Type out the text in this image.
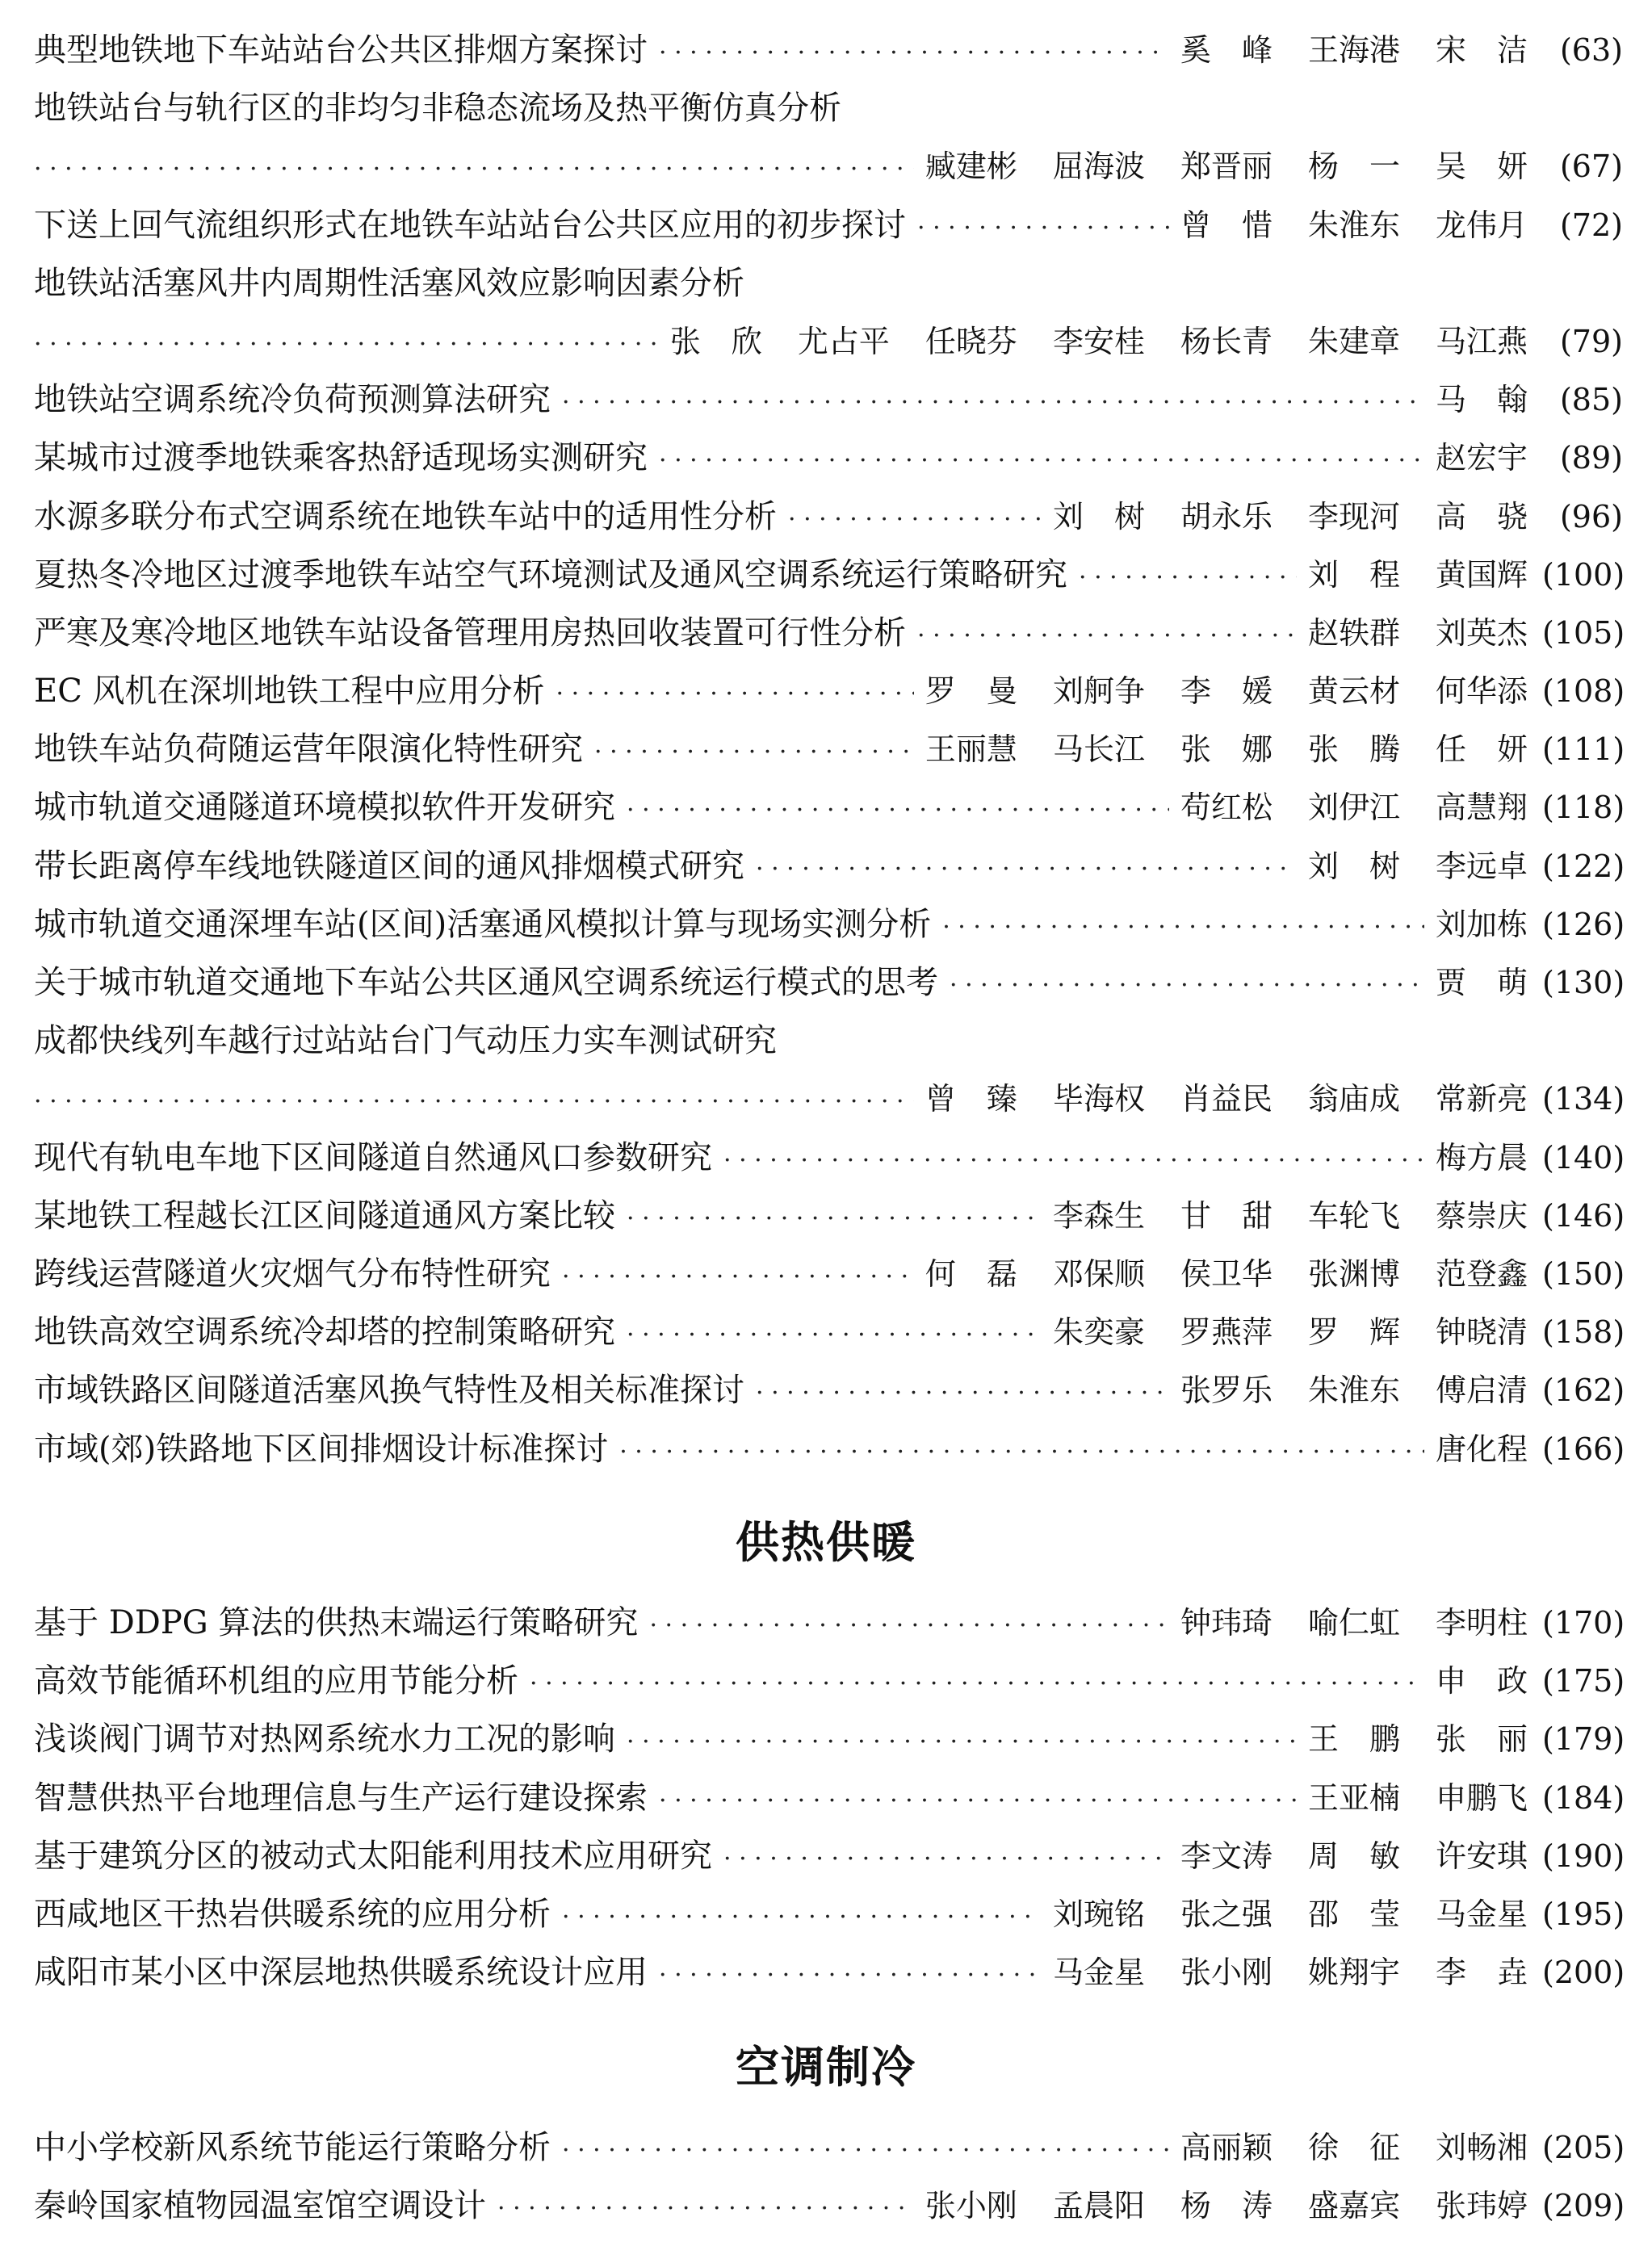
典型地铁地下车站站台公共区排烟方案探讨 · · ·	奚　峰 王海港 宋　洁	(63)
地铁站台与轨行区的非均匀非稳态流场及热平衡仿真分析
· · ·
臧建彬 屈海波 郑晋丽 杨　一 吴　妍	(67)
下送上回气流组织形式在地铁车站站台公共区应用的初步探讨 · · ·	曾　惜 朱淮东 龙伟月	(72)
地铁站活塞风井内周期性活塞风效应影响因素分析
· · ·
张　欣 尤占平 任晓芬 李安桂 杨长青 朱建章 马江燕	(79)
地铁站空调系统冷负荷预测算法研究 · · ·	马　翰	(85)
某城市过渡季地铁乘客热舒适现场实测研究 · · ·	赵宏宇	(89)
水源多联分布式空调系统在地铁车站中的适用性分析 · · ·	刘　树 胡永乐 李现河 高　骁	(96)
夏热冬冷地区过渡季地铁车站空气环境测试及通风空调系统运行策略研究 · · ·	刘　程 黄国辉 (100)
严寒及寒冷地区地铁车站设备管理用房热回收装置可行性分析 · · ·	赵轶群 刘英杰 (105)
EC 风机在深圳地铁工程中应用分析 · · ·	罗　曼 刘舸争 李　媛 黄云材 何华添 (108)
地铁车站负荷随运营年限演化特性研究 · · ·	王丽慧 马长江 张　娜 张　腾 任　妍 (111)
城市轨道交通隧道环境模拟软件开发研究 · · ·	苟红松 刘伊江 高慧翔 (118)
带长距离停车线地铁隧道区间的通风排烟模式研究 · · ·	刘　树 李远卓 (122)
城市轨道交通深埋车站(区间)活塞通风模拟计算与现场实测分析 · · ·	刘加栋 (126)
关于城市轨道交通地下车站公共区通风空调系统运行模式的思考 · · ·	贾　萌 (130)
成都快线列车越行过站站台门气动压力实车测试研究
· · ·
曾　臻 毕海权 肖益民 翁庙成 常新亮 (134)
现代有轨电车地下区间隧道自然通风口参数研究 · · ·	梅方晨 (140)
某地铁工程越长江区间隧道通风方案比较 · · ·	李森生 甘　甜 车轮飞 蔡崇庆 (146)
跨线运营隧道火灾烟气分布特性研究 · · ·	何　磊 邓保顺 侯卫华 张渊博 范登鑫 (150)
地铁高效空调系统冷却塔的控制策略研究 · · ·	朱奕豪 罗燕萍 罗　辉 钟晓清 (158)
市域铁路区间隧道活塞风换气特性及相关标准探讨 · · ·	张罗乐 朱淮东 傅启清 (162)
市域(郊)铁路地下区间排烟设计标准探讨 · · ·	唐化程 (166)
供热供暖
基于 DDPG 算法的供热末端运行策略研究 · · ·	钟玮琦 喻仁虹 李明柱 (170)
高效节能循环机组的应用节能分析 · · ·	申　政 (175)
浅谈阀门调节对热网系统水力工况的影响 · · ·	王　鹏 张　丽 (179)
智慧供热平台地理信息与生产运行建设探索 · · ·	王亚楠 申鹏飞 (184)
基于建筑分区的被动式太阳能利用技术应用研究 · · ·	李文涛 周　敏 许安琪 (190)
西咸地区干热岩供暖系统的应用分析 · · ·	刘琬铭 张之强 邵　莹 马金星 (195)
咸阳市某小区中深层地热供暖系统设计应用 · · ·	马金星 张小刚 姚翔宇 李　垚 (200)
空调制冷
中小学校新风系统节能运行策略分析 · · ·	高丽颖 徐　征 刘畅湘 (205)
秦岭国家植物园温室馆空调设计 · · ·	张小刚 孟晨阳 杨　涛 盛嘉宾 张玮婷 (209)
